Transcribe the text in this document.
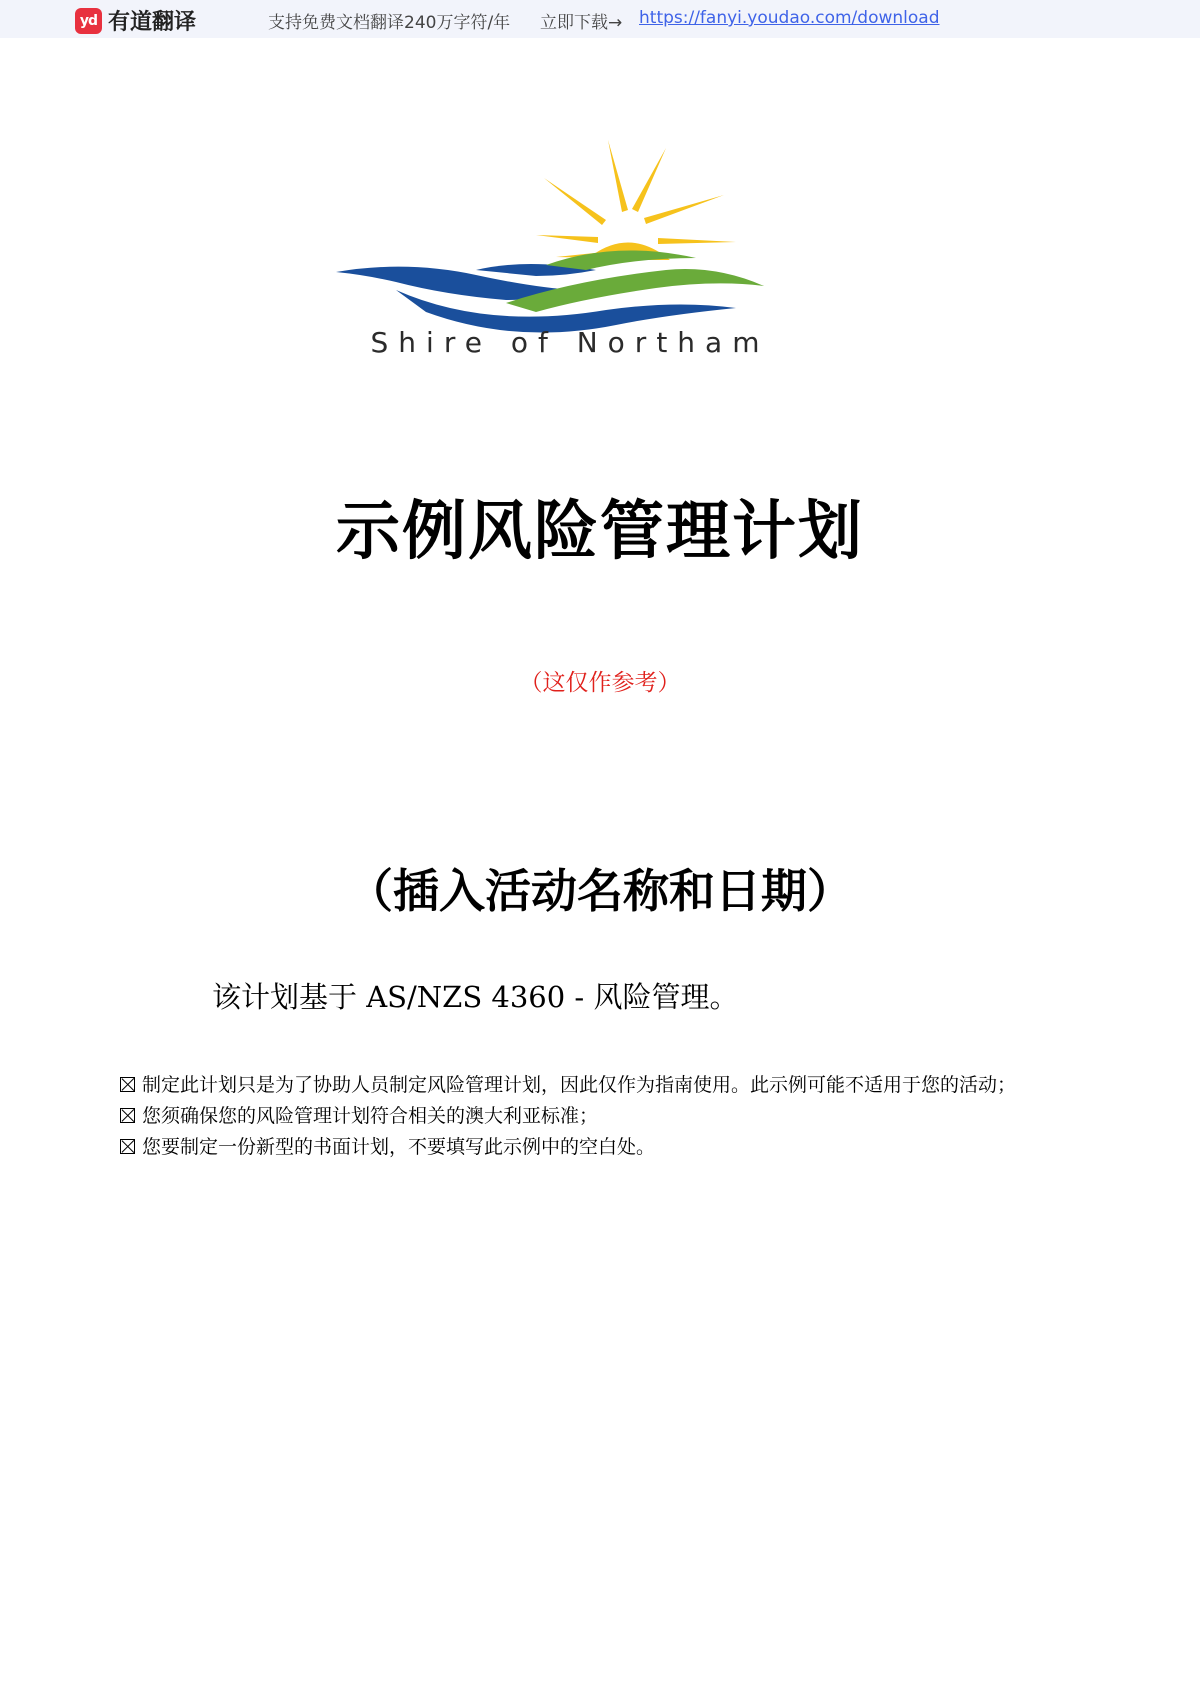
yd 有道翻译	支持免费文档翻译240万字符/年 立即下载→ https://fanyi.youdao.com/download
Shire of Northam
示例风险管理计划
（这仅作参考）
（插入活动名称和日期）
该计划基于 AS/NZS 4360 - 风险管理。
制定此计划只是为了协助人员制定风险管理计划，因此仅作为指南使用。此示例可能不适用于您的活动；
您须确保您的风险管理计划符合相关的澳大利亚标准；
您要制定一份新型的书面计划，不要填写此示例中的空白处。
